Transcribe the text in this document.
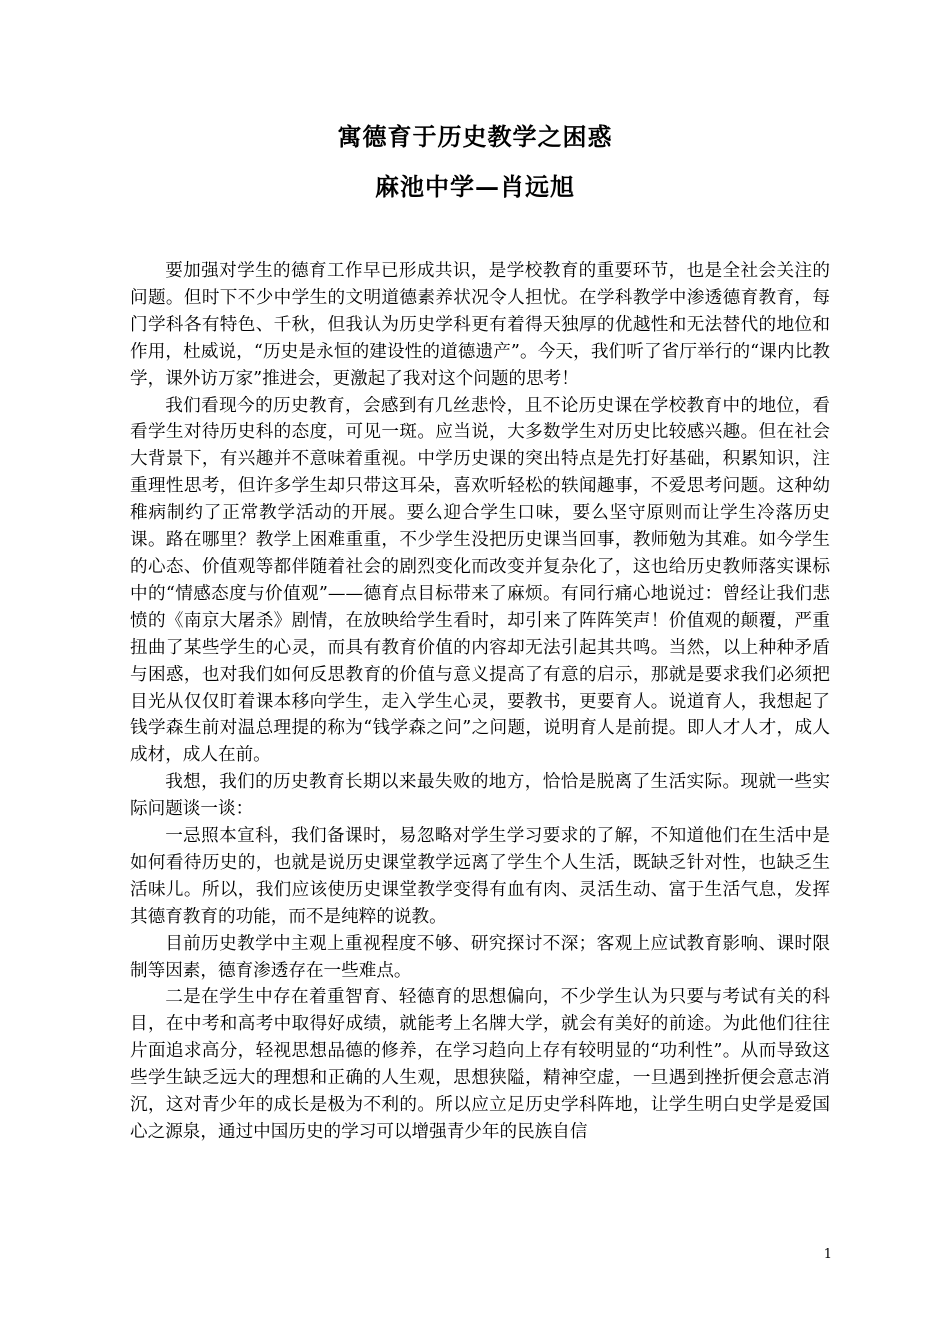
寓德育于历史教学之困惑
麻池中学—肖远旭

要加强对学生的德育工作早已形成共识，是学校教育的重要环节，也是全社会关注的问题。但时下不少中学生的文明道德素养状况令人担忧。在学科教学中渗透德育教育，每门学科各有特色、千秋，但我认为历史学科更有着得天独厚的优越性和无法替代的地位和作用，杜威说，“历史是永恒的建设性的道德遗产”。今天，我们听了省厅举行的“课内比教学，课外访万家”推进会，更激起了我对这个问题的思考！

我们看现今的历史教育，会感到有几丝悲怜，且不论历史课在学校教育中的地位，看看学生对待历史科的态度，可见一斑。应当说，大多数学生对历史比较感兴趣。但在社会大背景下，有兴趣并不意味着重视。中学历史课的突出特点是先打好基础，积累知识，注重理性思考，但许多学生却只带这耳朵，喜欢听轻松的轶闻趣事，不爱思考问题。这种幼稚病制约了正常教学活动的开展。要么迎合学生口味，要么坚守原则而让学生冷落历史课。路在哪里？教学上困难重重，不少学生没把历史课当回事，教师勉为其难。如今学生的心态、价值观等都伴随着社会的剧烈变化而改变并复杂化了，这也给历史教师落实课标中的“情感态度与价值观”——德育点目标带来了麻烦。有同行痛心地说过：曾经让我们悲愤的《南京大屠杀》剧情，在放映给学生看时，却引来了阵阵笑声！价值观的颠覆，严重扭曲了某些学生的心灵，而具有教育价值的内容却无法引起其共鸣。当然，以上种种矛盾与困惑，也对我们如何反思教育的价值与意义提高了有意的启示，那就是要求我们必须把目光从仅仅盯着课本移向学生，走入学生心灵，要教书，更要育人。说道育人，我想起了钱学森生前对温总理提的称为“钱学森之问”之问题，说明育人是前提。即人才人才，成人成材，成人在前。

我想，我们的历史教育长期以来最失败的地方，恰恰是脱离了生活实际。现就一些实际问题谈一谈：

一忌照本宣科，我们备课时，易忽略对学生学习要求的了解，不知道他们在生活中是如何看待历史的，也就是说历史课堂教学远离了学生个人生活，既缺乏针对性，也缺乏生活味儿。所以，我们应该使历史课堂教学变得有血有肉、灵活生动、富于生活气息，发挥其德育教育的功能，而不是纯粹的说教。

目前历史教学中主观上重视程度不够、研究探讨不深；客观上应试教育影响、课时限制等因素，德育渗透存在一些难点。

二是在学生中存在着重智育、轻德育的思想偏向，不少学生认为只要与考试有关的科目，在中考和高考中取得好成绩，就能考上名牌大学，就会有美好的前途。为此他们往往片面追求高分，轻视思想品德的修养，在学习趋向上存有较明显的“功利性”。从而导致这些学生缺乏远大的理想和正确的人生观，思想狭隘，精神空虚，一旦遇到挫折便会意志消沉，这对青少年的成长是极为不利的。所以应立足历史学科阵地，让学生明白史学是爱国心之源泉，通过中国历史的学习可以增强青少年的民族自信

1
